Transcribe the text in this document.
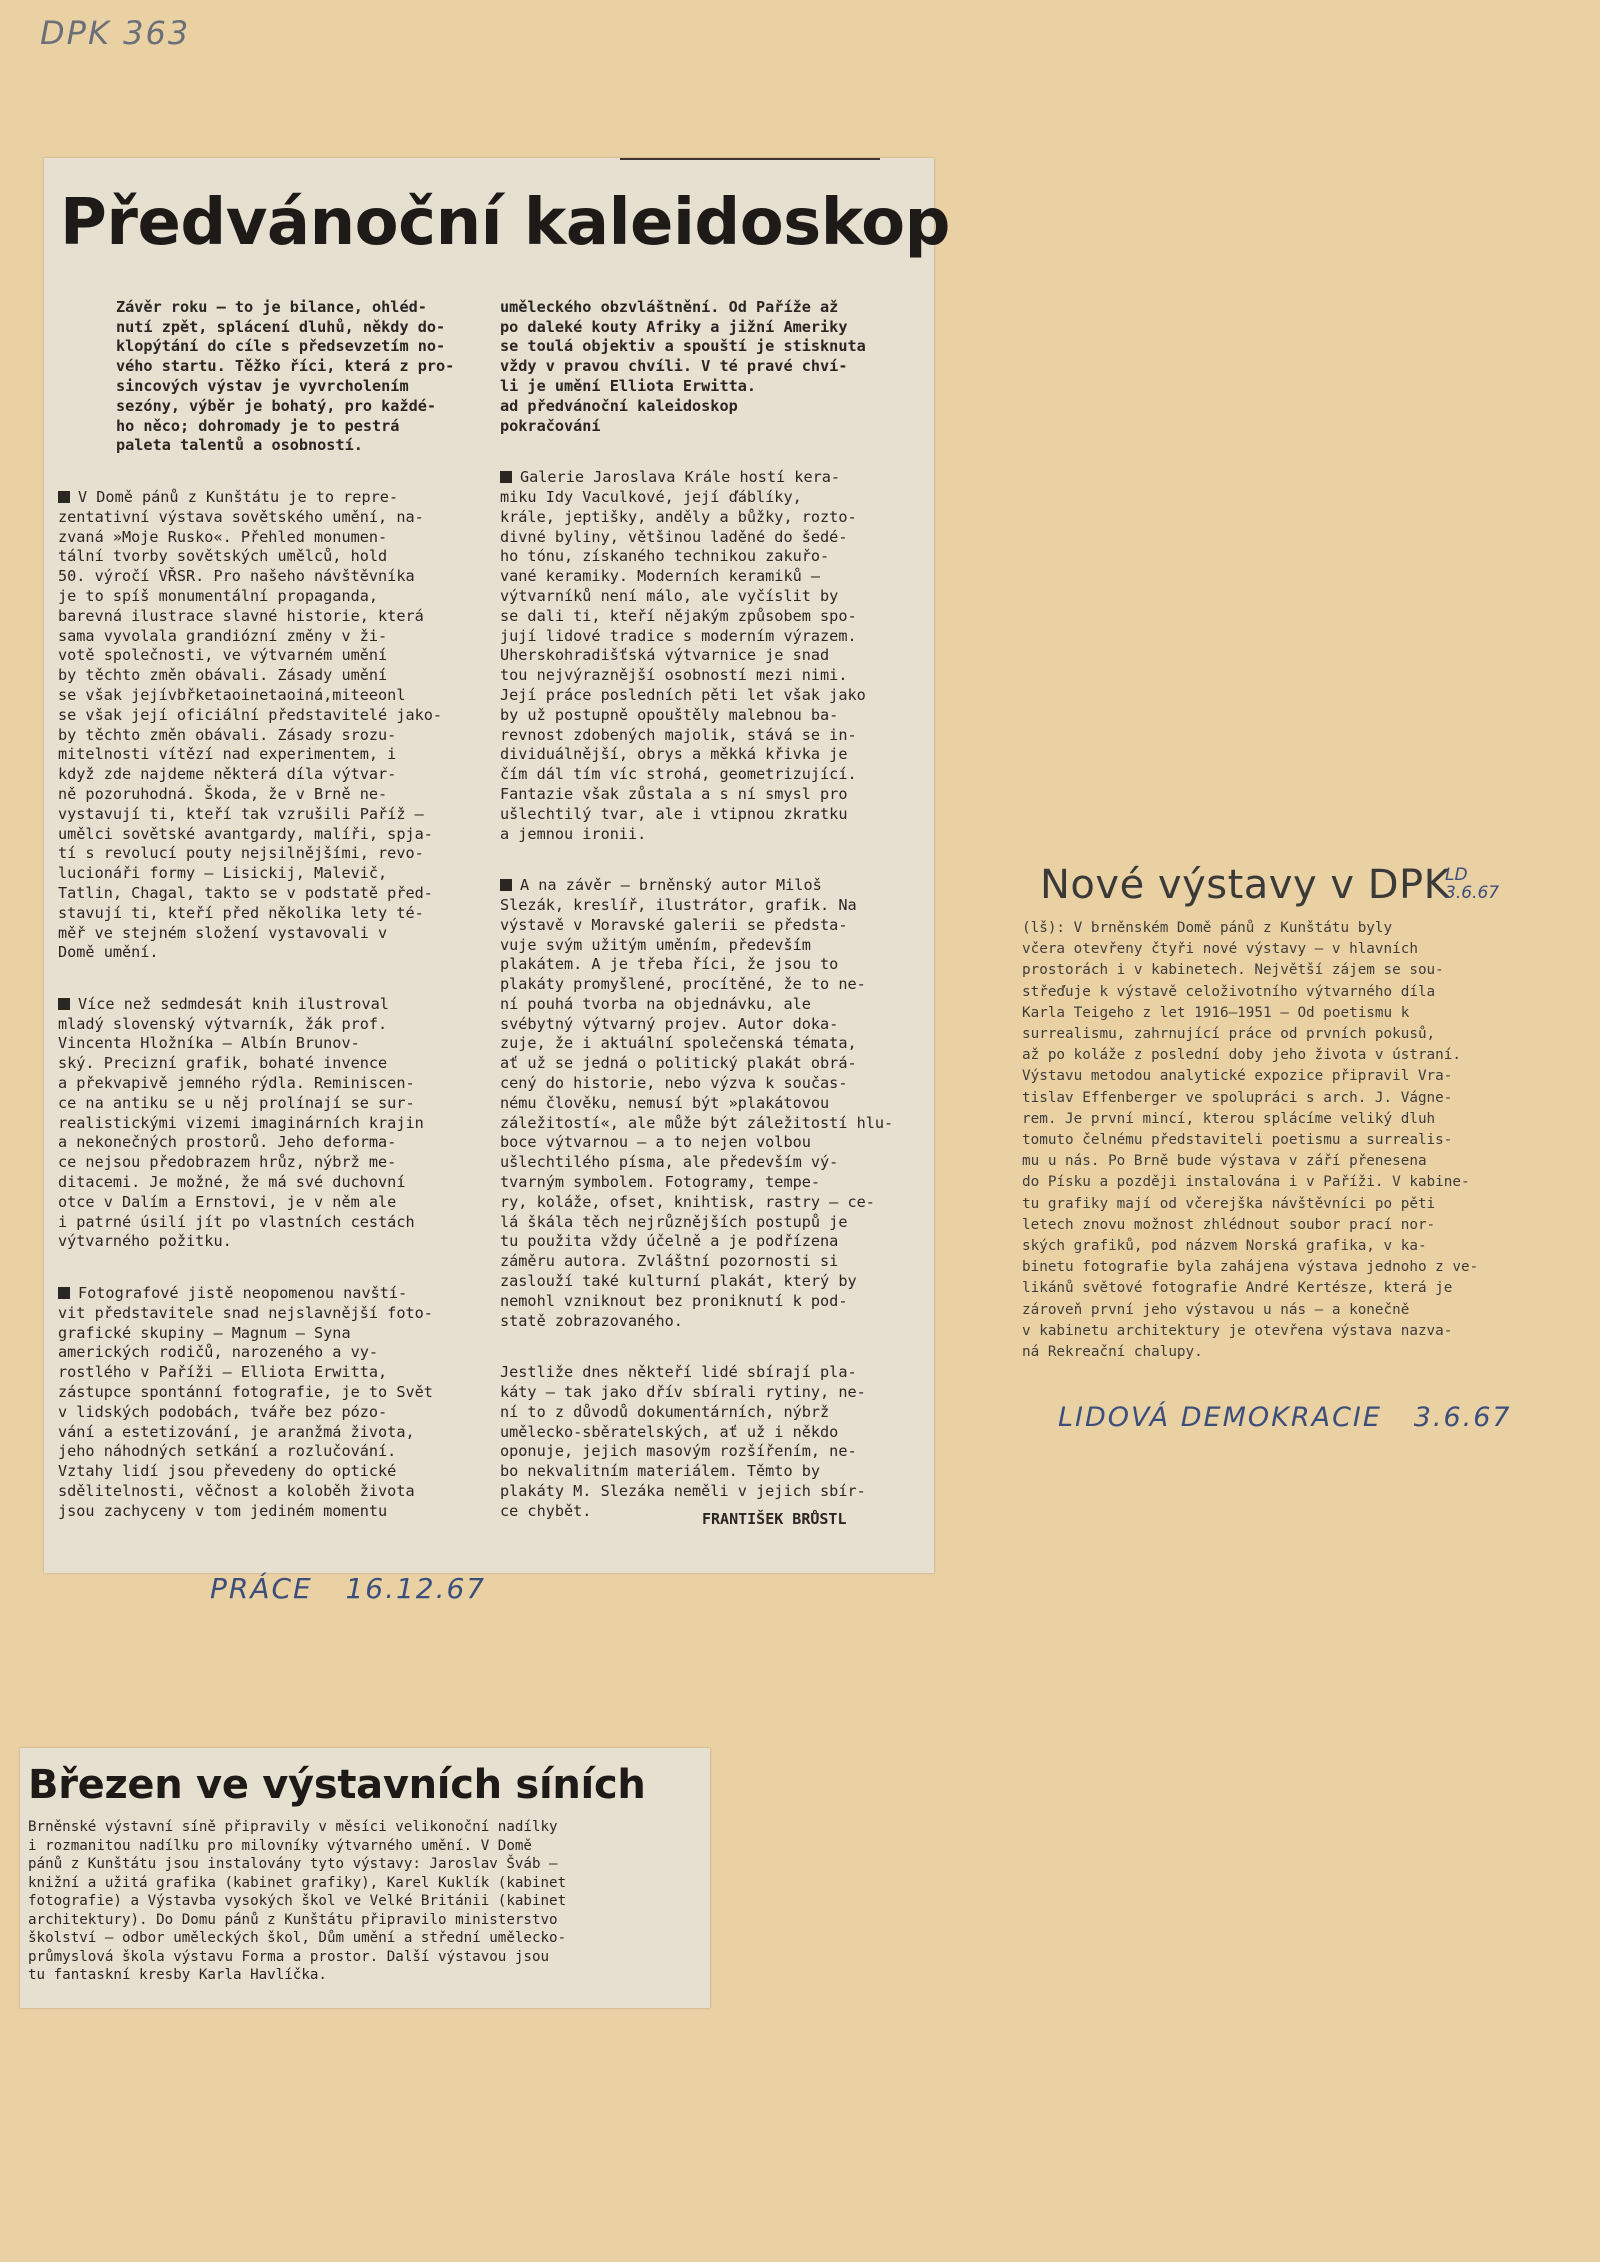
DPK 363
Předvánoční kaleidoskop

Závěr roku — to je bilance, ohléd-
nutí zpět, splácení dluhů, někdy do-
klopýtání do cíle s předsevzetím no-
vého startu. Těžko říci, která z pro-
sincových výstav je vyvrcholením
sezóny, výběr je bohatý, pro každé-
ho něco; dohromady je to pestrá
paleta talentů a osobností.

V Domě pánů z Kunštátu je to repre-
zentativní výstava sovětského umění, na-
zvaná »Moje Rusko«. Přehled monumen-
tální tvorby sovětských umělců, hold
50. výročí VŘSR. Pro našeho návštěvníka
je to spíš monumentální propaganda,
barevná ilustrace slavné historie, která
sama vyvolala grandiózní změny v ži-
votě společnosti, ve výtvarném umění
by těchto změn obávali. Zásady umění
se však jejívbřketaoinetaoiná,miteeonl
se však její oficiální představitelé jako-
by těchto změn obávali. Zásady srozu-
mitelnosti vítězí nad experimentem, i
když zde najdeme některá díla výtvar-
ně pozoruhodná. Škoda, že v Brně ne-
vystavují ti, kteří tak vzrušili Paříž —
umělci sovětské avantgardy, malíři, spja-
tí s revolucí pouty nejsilnějšími, revo-
lucionáři formy — Lisickij, Malevič,
Tatlin, Chagal, takto se v podstatě před-
stavují ti, kteří před několika lety té-
měř ve stejném složení vystavovali v
Domě umění.

Více než sedmdesát knih ilustroval
mladý slovenský výtvarník, žák prof.
Vincenta Hložníka — Albín Brunov-
ský. Precizní grafik, bohaté invence
a překvapivě jemného rýdla. Reminiscen-
ce na antiku se u něj prolínají se sur-
realistickými vizemi imaginárních krajin
a nekonečných prostorů. Jeho deforma-
ce nejsou předobrazem hrůz, nýbrž me-
ditacemi. Je možné, že má své duchovní
otce v Dalím a Ernstovi, je v něm ale
i patrné úsilí jít po vlastních cestách
výtvarného požitku.

Fotografové jistě neopomenou navští-
vit představitele snad nejslavnější foto-
grafické skupiny — Magnum — Syna
amerických rodičů, narozeného a vy-
rostlého v Paříži — Elliota Erwitta,
zástupce spontánní fotografie, je to Svět
v lidských podobách, tváře bez pózo-
vání a estetizování, je aranžmá života,
jeho náhodných setkání a rozlučování.
Vztahy lidí jsou převedeny do optické
sdělitelnosti, věčnost a koloběh života
jsou zachyceny v tom jediném momentu

uměleckého obzvláštnění. Od Paříže až
po daleké kouty Afriky a jižní Ameriky
se toulá objektiv a spouští je stisknuta
vždy v pravou chvíli. V té pravé chví-
li je umění Elliota Erwitta.
ad předvánoční kaleidoskop
pokračování

Galerie Jaroslava Krále hostí kera-
miku Idy Vaculkové, její ďáblíky,
krále, jeptišky, anděly a bůžky, rozto-
divné byliny, většinou laděné do šedé-
ho tónu, získaného technikou zakuřo-
vané keramiky. Moderních keramiků —
výtvarníků není málo, ale vyčíslit by
se dali ti, kteří nějakým způsobem spo-
jují lidové tradice s moderním výrazem.
Uherskohradišťská výtvarnice je snad
tou nejvýraznější osobností mezi nimi.
Její práce posledních pěti let však jako
by už postupně opouštěly malebnou ba-
revnost zdobených majolik, stává se in-
dividuálnější, obrys a měkká křivka je
čím dál tím víc strohá, geometrizující.
Fantazie však zůstala a s ní smysl pro
ušlechtilý tvar, ale i vtipnou zkratku
a jemnou ironii.

A na závěr — brněnský autor Miloš
Slezák, kreslíř, ilustrátor, grafik. Na
výstavě v Moravské galerii se předsta-
vuje svým užitým uměním, především
plakátem. A je třeba říci, že jsou to
plakáty promyšlené, procítěné, že to ne-
ní pouhá tvorba na objednávku, ale
svébytný výtvarný projev. Autor doka-
zuje, že i aktuální společenská témata,
ať už se jedná o politický plakát obrá-
cený do historie, nebo výzva k součas-
nému člověku, nemusí být »plakátovou
záležitostí«, ale může být záležitostí hlu-
boce výtvarnou — a to nejen volbou
ušlechtilého písma, ale především vý-
tvarným symbolem. Fotogramy, tempe-
ry, koláže, ofset, knihtisk, rastry — ce-
lá škála těch nejrůznějších postupů je
tu použita vždy účelně a je podřízena
záměru autora. Zvláštní pozornosti si
zaslouží také kulturní plakát, který by
nemohl vzniknout bez proniknutí k pod-
statě zobrazovaného.

Jestliže dnes někteří lidé sbírají pla-
káty — tak jako dřív sbírali rytiny, ne-
ní to z důvodů dokumentárních, nýbrž
umělecko-sběratelských, ať už i někdo
oponuje, jejich masovým rozšířením, ne-
bo nekvalitním materiálem. Těmto by
plakáty M. Slezáka neměli v jejich sbír-
ce chybět.	FRANTIŠEK BRŮSTL
PRÁCE   16.12.67
Nové výstavy v DPK
LD 3.6.67
(lš): V brněnském Domě pánů z Kunštátu byly
včera otevřeny čtyři nové výstavy — v hlavních
prostorách i v kabinetech. Největší zájem se sou-
střeďuje k výstavě celoživotního výtvarného díla
Karla Teigeho z let 1916—1951 — Od poetismu k
surrealismu, zahrnující práce od prvních pokusů,
až po koláže z poslední doby jeho života v ústraní.
Výstavu metodou analytické expozice připravil Vra-
tislav Effenberger ve spolupráci s arch. J. Vágne-
rem. Je první mincí, kterou splácíme veliký dluh
tomuto čelnému představiteli poetismu a surrealis-
mu u nás. Po Brně bude výstava v září přenesena
do Písku a později instalována i v Paříži. V kabine-
tu grafiky mají od včerejška návštěvníci po pěti
letech znovu možnost zhlédnout soubor prací nor-
ských grafiků, pod názvem Norská grafika, v ka-
binetu fotografie byla zahájena výstava jednoho z ve-
likánů světové fotografie André Kertésze, která je
zároveň první jeho výstavou u nás — a konečně
v kabinetu architektury je otevřena výstava nazva-
ná Rekreační chalupy.
LIDOVÁ DEMOKRACIE   3.6.67
Březen ve výstavních síních
Brněnské výstavní síně připravily v měsíci velikonoční nadílky
i rozmanitou nadílku pro milovníky výtvarného umění. V Domě
pánů z Kunštátu jsou instalovány tyto výstavy: Jaroslav Šváb —
knižní a užitá grafika (kabinet grafiky), Karel Kuklík (kabinet
fotografie) a Výstavba vysokých škol ve Velké Británii (kabinet
architektury). Do Domu pánů z Kunštátu připravilo ministerstvo
školství — odbor uměleckých škol, Dům umění a střední umělecko-
průmyslová škola výstavu Forma a prostor. Další výstavou jsou
tu fantaskní kresby Karla Havlíčka.
